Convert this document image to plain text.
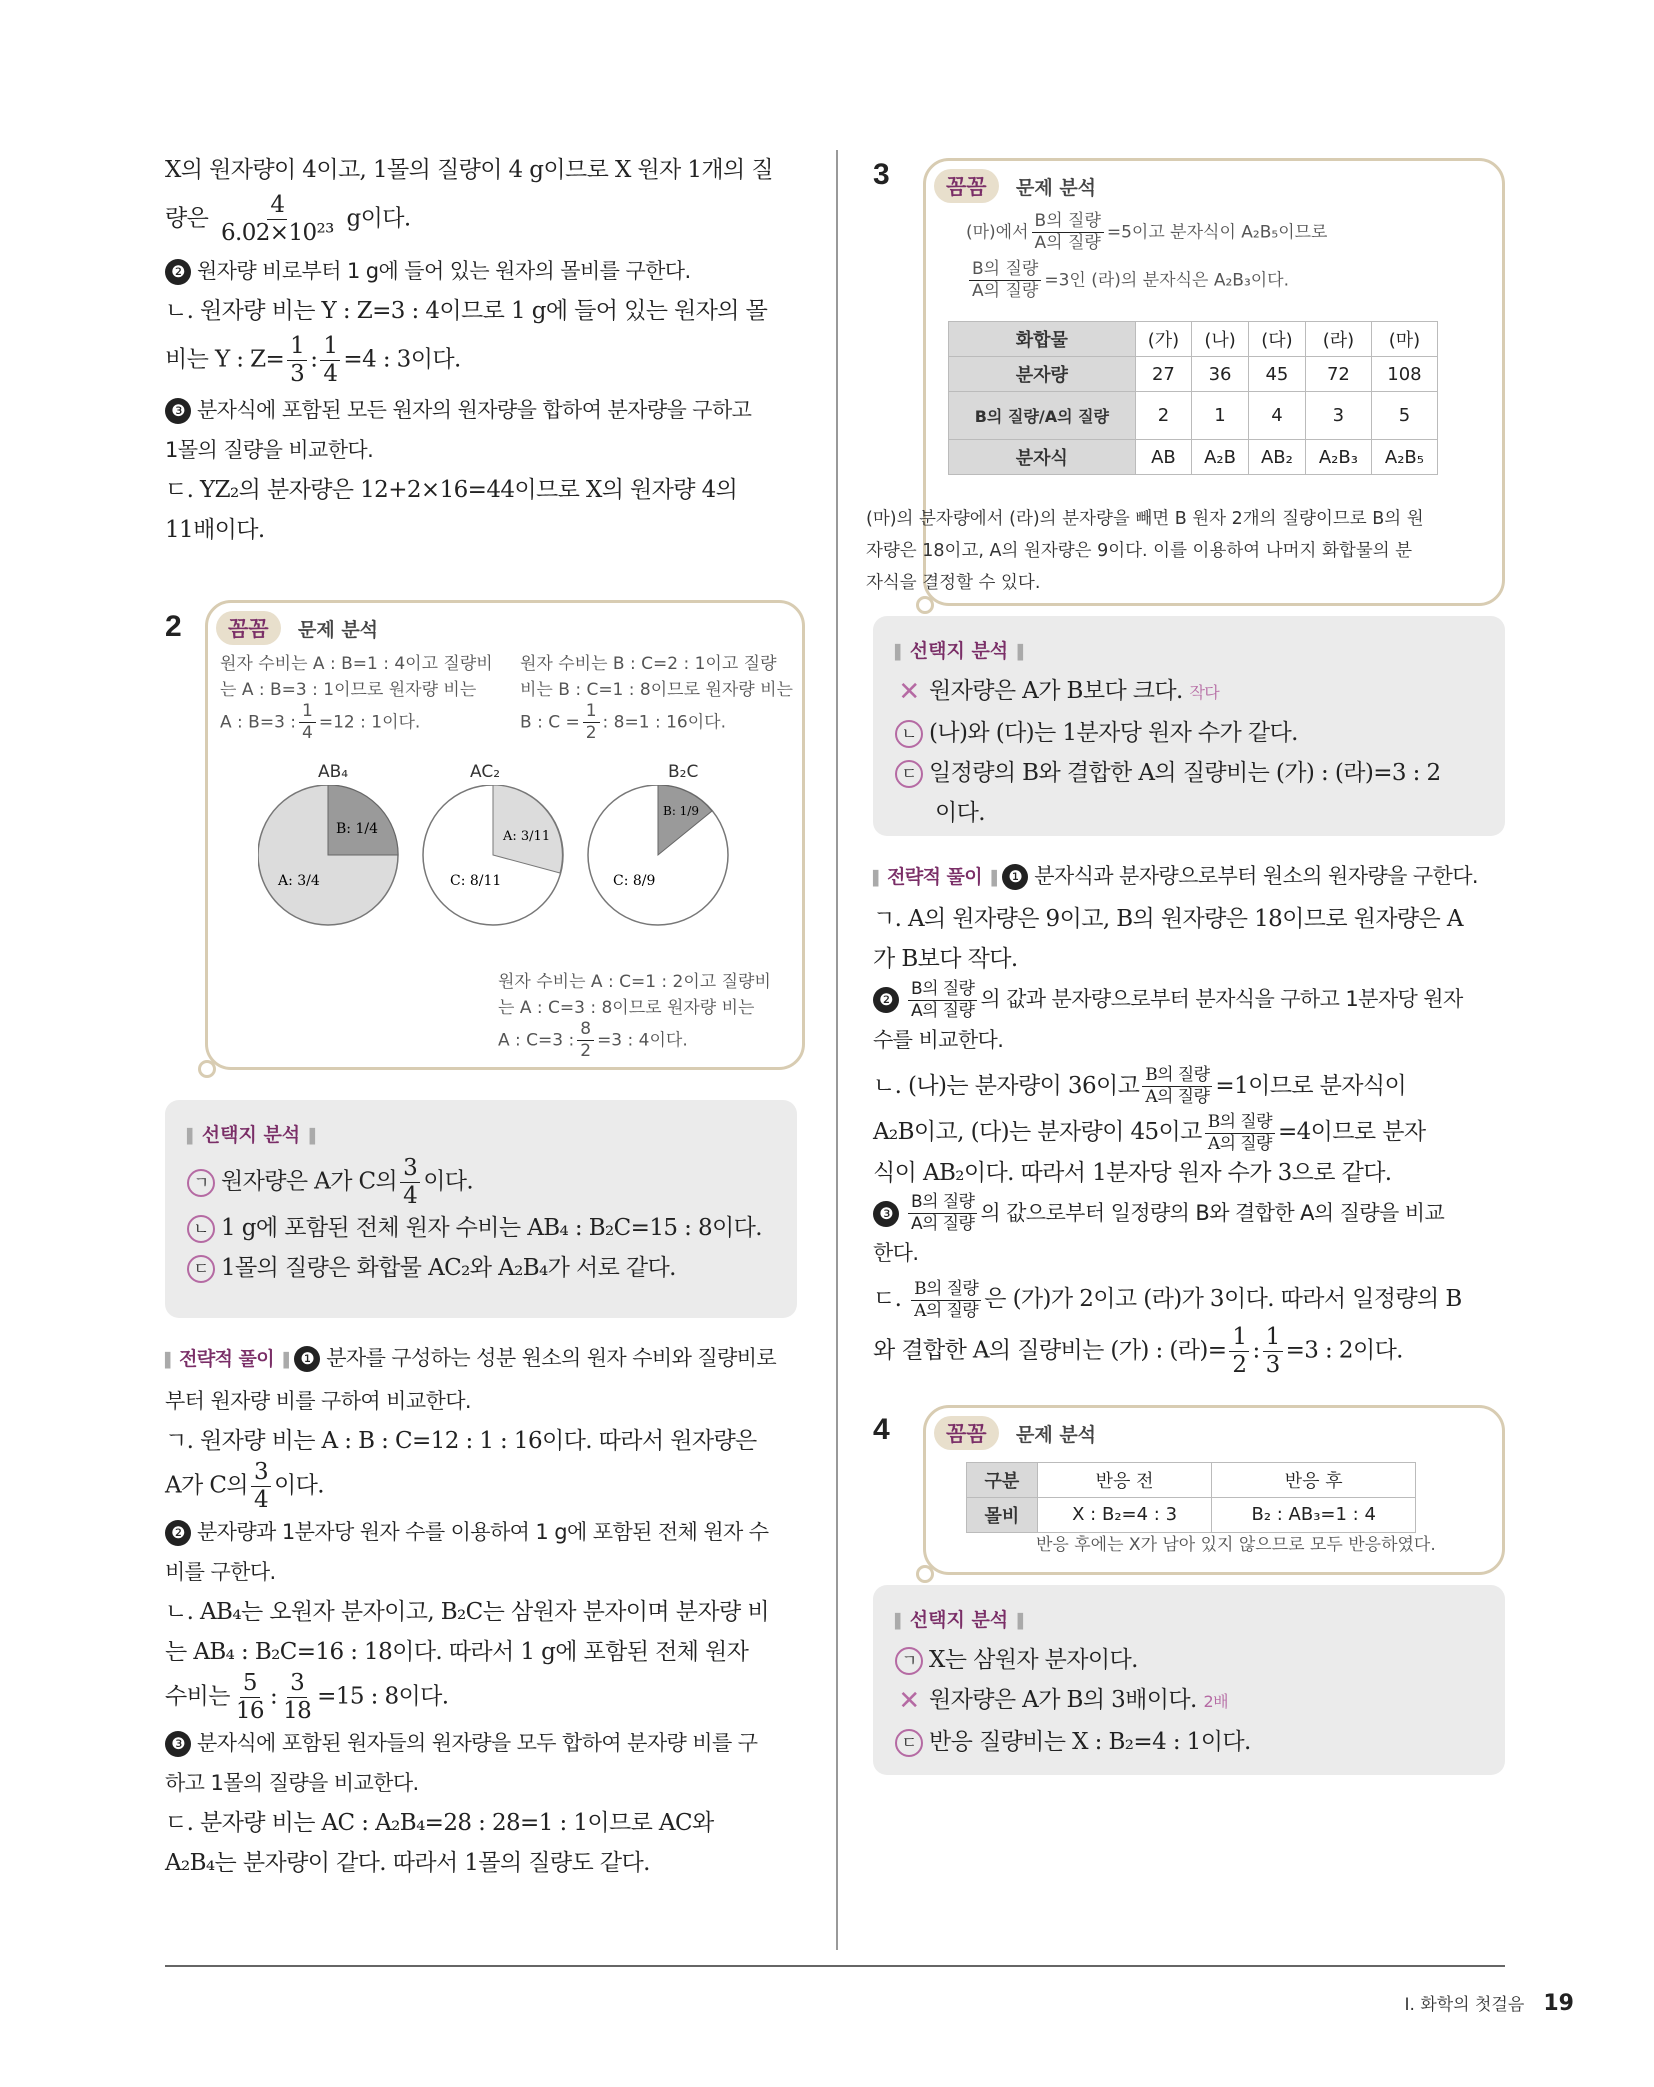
X의 원자량이 4이고, 1몰의 질량이 4 g이므로 X 원자 1개의 질
량은 $\frac{4}{\text{6.02×10²³}}$ g이다.
❷ 원자량 비로부터 1 g에 들어 있는 원자의 몰비를 구한다.
ㄴ. 원자량 비는 Y : Z=3 : 4이므로 1 g에 들어 있는 원자의 몰
비는 Y : $Z= \frac{1}{3}$ : $\frac{1}{4} =4$ : 3이다.
❸ 분자식에 포함된 모든 원자의 원자량을 합하여 분자량을 구하고
1몰의 질량을 비교한다.
ㄷ. YZ₂의 분자량은 12+2×16=44이므로 X의 원자량 4의
11배이다.
2	꼼꼼	문제 분석
원자 수비는 A : B=1 : 4이고 질량비
는 A : B=3 : 1이므로 원자량 비는
A : B=3 : $\frac{1}{4} =12$ : 1이다.
원자 수비는 B : C=2 : 1이고 질량
비는 B : C=1 : 8이므로 원자량 비는
B : $C = \frac{1}{2}$ : 8=1 : 16이다.
AB₄	AC₂	B₂C
B: 1/4
A: 3/4
A: 3/11
C: 8/11
B: 1/9
C: 8/9
원자 수비는 A : C=1 : 2이고 질량비
는 A : C=3 : 8이므로 원자량 비는
A : C=3 : $\frac{8}{2} =3$ : 4이다.
▌ 선택지 분석 ▐
ㄱ 원자량은 A가 C의 $\frac{3}{4}$ 이다.
ㄴ 1 g에 포함된 전체 원자 수비는 AB₄ : B₂C=15 : 8이다.
ㄷ 1몰의 질량은 화합물 AC₂와 A₂B₄가 서로 같다.
▌ 전략적 풀이 ▐ ❶ 분자를 구성하는 성분 원소의 원자 수비와 질량비로
부터 원자량 비를 구하여 비교한다.
ㄱ. 원자량 비는 A : B : C=12 : 1 : 16이다. 따라서 원자량은
A가 C의 $\frac{3}{4}$ 이다.
❷ 분자량과 1분자당 원자 수를 이용하여 1 g에 포함된 전체 원자 수
비를 구한다.
ㄴ. AB₄는 오원자 분자이고, B₂C는 삼원자 분자이며 분자량 비
는 AB₄ : B₂C=16 : 18이다. 따라서 1 g에 포함된 전체 원자
수비는 $\frac{5}{16}$ : $\frac{3}{18} =15$ : 8이다.
❸ 분자식에 포함된 원자들의 원자량을 모두 합하여 분자량 비를 구
하고 1몰의 질량을 비교한다.
ㄷ. 분자량 비는 AC : A₂B₄=28 : 28=1 : 1이므로 AC와
A₂B₄는 분자량이 같다. 따라서 1몰의 질량도 같다.
3	꼼꼼	문제 분석
(마)에서 $\frac{\text{B의 질량}}{\text{A의 질량}} =5$이고 분자식이 A₂B₅이므로
$\frac{\text{B의 질량}}{\text{A의 질량}} =3$인 (라)의 분자식은 A₂B₃이다.
화합물	(가)	(나)	(다)	(라)	(마)
분자량	27	36	45	72	108
B의 질량/A의 질량	2	1	4	3	5
분자식	AB	A₂B	AB₂	A₂B₃	A₂B₅
(마)의 분자량에서 (라)의 분자량을 빼면 B 원자 2개의 질량이므로 B의 원
자량은 18이고, A의 원자량은 9이다. 이를 이용하여 나머지 화합물의 분
자식을 결정할 수 있다.
▌ 선택지 분석 ▐
✕ 원자량은 A가 B보다 크다. 작다
ㄴ (나)와 (다)는 1분자당 원자 수가 같다.
ㄷ 일정량의 B와 결합한 A의 질량비는 (가) : (라)=3 : 2
이다.
▌ 전략적 풀이 ▐ ❶ 분자식과 분자량으로부터 원소의 원자량을 구한다.
ㄱ. A의 원자량은 9이고, B의 원자량은 18이므로 원자량은 A
가 B보다 작다.
❷ $\frac{\text{B의 질량}}{\text{A의 질량}}$ 의 값과 분자량으로부터 분자식을 구하고 1분자당 원자
수를 비교한다.
ㄴ. (나)는 분자량이 36이고 $\frac{\text{B의 질량}}{\text{A의 질량}} =1$이므로 분자식이
A₂B이고, (다)는 분자량이 45이고 $\frac{\text{B의 질량}}{\text{A의 질량}} =4$이므로 분자
식이 AB₂이다. 따라서 1분자당 원자 수가 3으로 같다.
❸ $\frac{\text{B의 질량}}{\text{A의 질량}}$ 의 값으로부터 일정량의 B와 결합한 A의 질량을 비교
한다.
ㄷ. $\frac{\text{B의 질량}}{\text{A의 질량}}$ 은 (가)가 2이고 (라)가 3이다. 따라서 일정량의 B
와 결합한 A의 질량비는 (가) : (라)= $\frac{1}{2}$ : $\frac{1}{3} =3$ : 2이다.
4	꼼꼼	문제 분석
구분	반응 전	반응 후
몰비	X : B₂=4 : 3	B₂ : AB₃=1 : 4
반응 후에는 X가 남아 있지 않으므로 모두 반응하였다.
▌ 선택지 분석 ▐
ㄱ X는 삼원자 분자이다.
✕ 원자량은 A가 B의 3배이다. 2배
ㄷ 반응 질량비는 X : B₂=4 : 1이다.
I. 화학의 첫걸음 19
